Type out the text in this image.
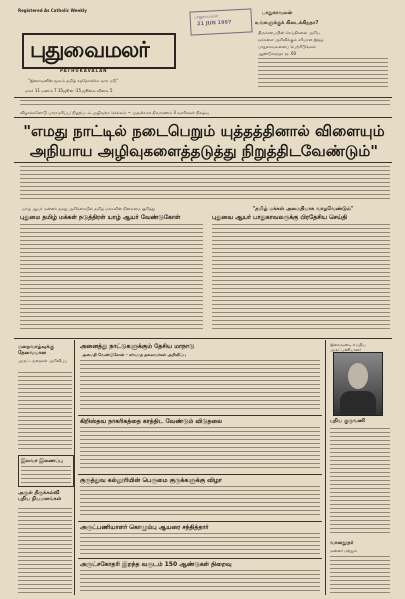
Registered As Catholic Weekly
பாதுகாவலன்
21 JUN 1997
புதுவைமலர்
PATHUKAVALAN
"இறைவனின் மூலம் தமிழ் கத்தோலிக்க வார ஏடு"
மலர் 11 மணம் 7 15ஜூன் -15 ஜூலை விலை 5
பாதுகாவலன்
உங்களுக்குக் கிடைக்கிறதா?
திருச்சபையின் செய்திகளை அறிய
மக்களை அறிவிக்கும் சரியான இதழ்
பாதுகாவலனைப் பெற்றிடுங்கள்
ஆண்டுச்சந்தா ரூ. 60
விழாக்களோடு பாராமரிப்பு: நிழற்படம் அழிவுற்ற செல்லம் ~ முதலிலாக நிவாரணம் 3 வாரிசுகள் நிகழ்வு
"எமது நாட்டில் நடைபெறும் யுத்தத்தினால் விளையும்
அநியாய அழிவுகளைத்தடுத்து நிறுத்திடவேண்டும்"
யாழ் ஆயர் மன்னர் தமது அறிக்கையில் தமிழ் மக்களின் நிலைமை குறித்து
புதுமை தமிழ் மக்கள் நடுத்திரள் யாழ் ஆயர் வேண்டுகோள்
"தமிழ் மக்கள் அமைதியாக வாழவேண்டும்"
புதுவை ஆயர் பாதுகாவலருக்கு பிரதேசிய செய்தி
மறைவாழ்வுக்கு தேவையான
அருட்டந்தைகள் அறிவிப்பு
இலவச இணைப்பு
அருள் திருக்கல்வி புதிய நியமனங்கள்
அனைத்து நாட்டுகளுக்கும் தேசிய மாநாடு
அமைதி வேண்டுகோள் - சர்வமத தலைவர்கள் அறிவிப்பு
கிறிஸ்தவ நாகரிகத்தை காத்திட வேண்டும் விடுதலை
குருத்துவ கல்லூரியின் பெருமை குருக்களுக்கு விழா
அருட்பணியாளர் கொழும்பு ஆயரை சந்தித்தார்
அருட்சகோதரி இறந்த வருடம் 150 ஆண்டுகள் நிறைவு
இறைவனடி எய்திய அருட்பணியாளர்
புதிய குருவணி
வானதூதர்
மன்னர் மற்றும்
